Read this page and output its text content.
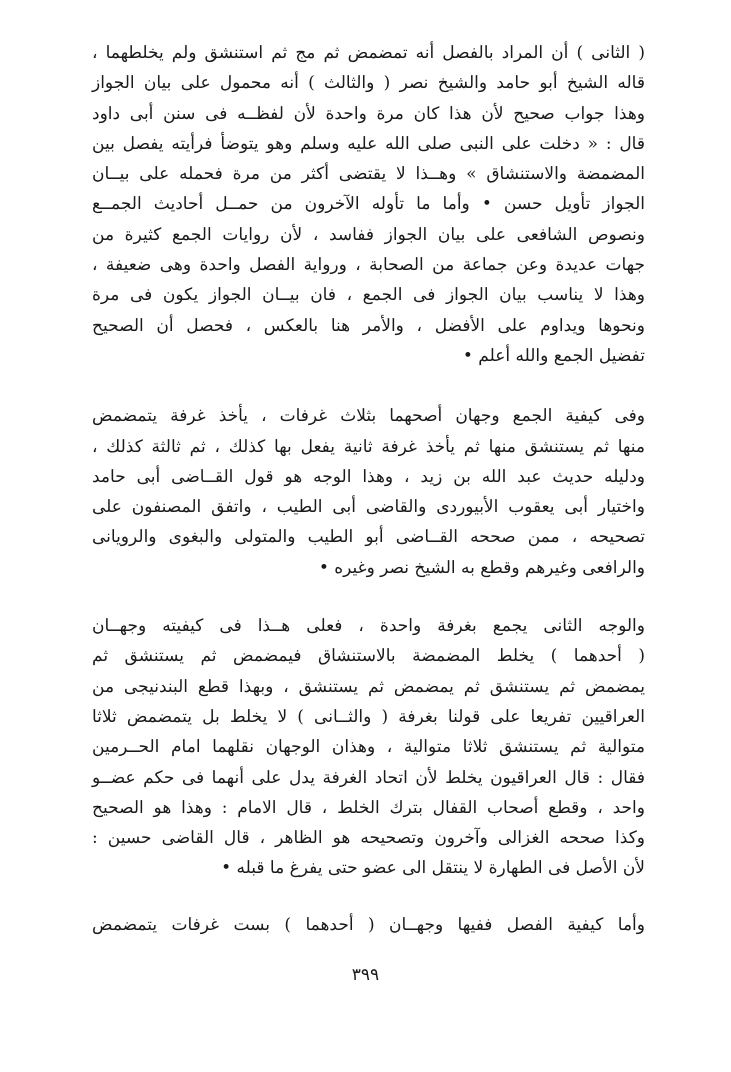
( الثانى ) أن المراد بالفصل أنه تمضمض ثم مج ثم استنشق ولم يخلطهما ،
قاله الشيخ أبو حامد والشيخ نصر ( والثالث ) أنه محمول على بيان الجواز
وهذا جواب صحيح لأن هذا كان مرة واحدة لأن لفظــه فى سنن أبى داود
قال : « دخلت على النبى صلى الله عليه وسلم وهو يتوضأ فرأيته يفصل بين
المضمضة والاستنشاق » وهــذا لا يقتضى أكثر من مرة فحمله على بيــان
الجواز تأويل حسن • وأما ما تأوله الآخرون من حمــل أحاديث الجمــع
ونصوص الشافعى على بيان الجواز ففاسد ، لأن روايات الجمع كثيرة من
جهات عديدة وعن جماعة من الصحابة ، ورواية الفصل واحدة وهى ضعيفة ،
وهذا لا يناسب بيان الجواز فى الجمع ، فان بيــان الجواز يكون فى مرة
ونحوها ويداوم على الأفضل ، والأمر هنا بالعكس ، فحصل أن الصحيح
تفضيل الجمع والله أعلم •

وفى كيفية الجمع وجهان أصحهما بثلاث غرفات ، يأخذ غرفة يتمضمض
منها ثم يستنشق منها ثم يأخذ غرفة ثانية يفعل بها كذلك ، ثم ثالثة كذلك ،
ودليله حديث عبد الله بن زيد ، وهذا الوجه هو قول القــاضى أبى حامد
واختيار أبى يعقوب الأبيوردى والقاضى أبى الطيب ، واتفق المصنفون على
تصحيحه ، ممن صححه القــاضى أبو الطيب والمتولى والبغوى والرويانى
والرافعى وغيرهم وقطع به الشيخ نصر وغيره •

والوجه الثانى يجمع بغرفة واحدة ، فعلى هــذا فى كيفيته وجهــان
( أحدهما ) يخلط المضمضة بالاستنشاق فيمضمض ثم يستنشق ثم
يمضمض ثم يستنشق ثم يمضمض ثم يستنشق ، وبهذا قطع البندنيجى من
العراقيين تفريعا على قولنا بغرفة ( والثــانى ) لا يخلط بل يتمضمض ثلاثا
متوالية ثم يستنشق ثلاثا متوالية ، وهذان الوجهان نقلهما امام الحــرمين
فقال : قال العراقيون يخلط لأن اتحاد الغرفة يدل على أنهما فى حكم عضــو
واحد ، وقطع أصحاب القفال بترك الخلط ، قال الامام : وهذا هو الصحيح
وكذا صححه الغزالى وآخرون وتصحيحه هو الظاهر ، قال القاضى حسين :
لأن الأصل فى الطهارة لا ينتقل الى عضو حتى يفرغ ما قبله •

وأما كيفية الفصل ففيها وجهــان ( أحدهما ) بست غرفات يتمضمض

٣٩٩
